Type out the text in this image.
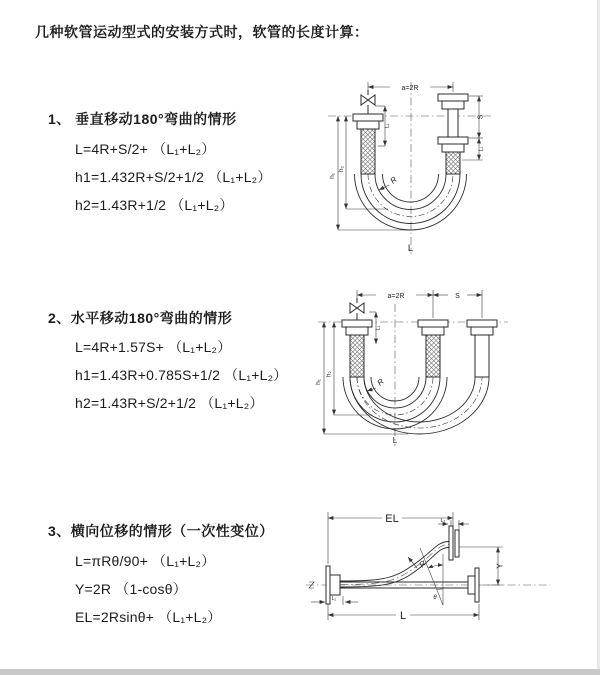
几种软管运动型式的安装方式时，软管的长度计算：
1、 垂直移动180°弯曲的情形
L=4R+S/2+ （L₁+L₂）
h1=1.432R+S/2+1/2 （L₁+L₂）
h2=1.43R+1/2 （L₁+L₂）
a=2R
S
L₁
L₁
h₁
h₂
R
L
2、水平移动180°弯曲的情形
L=4R+1.57S+ （L₁+L₂）
h1=1.43R+0.785S+1/2 （L₁+L₂）
h2=1.43R+S/2+1/2 （L₁+L₂）
a=2R	S
L₁
h₁
h₂
R
L
3、横向位移的情形（一次性变位）
L=πRθ/90+ （L₁+L₂）
Y=2R （1-cosθ）
EL=2Rsinθ+ （L₁+L₂）
EL	L₁
Y
R
θ
L
L₂
